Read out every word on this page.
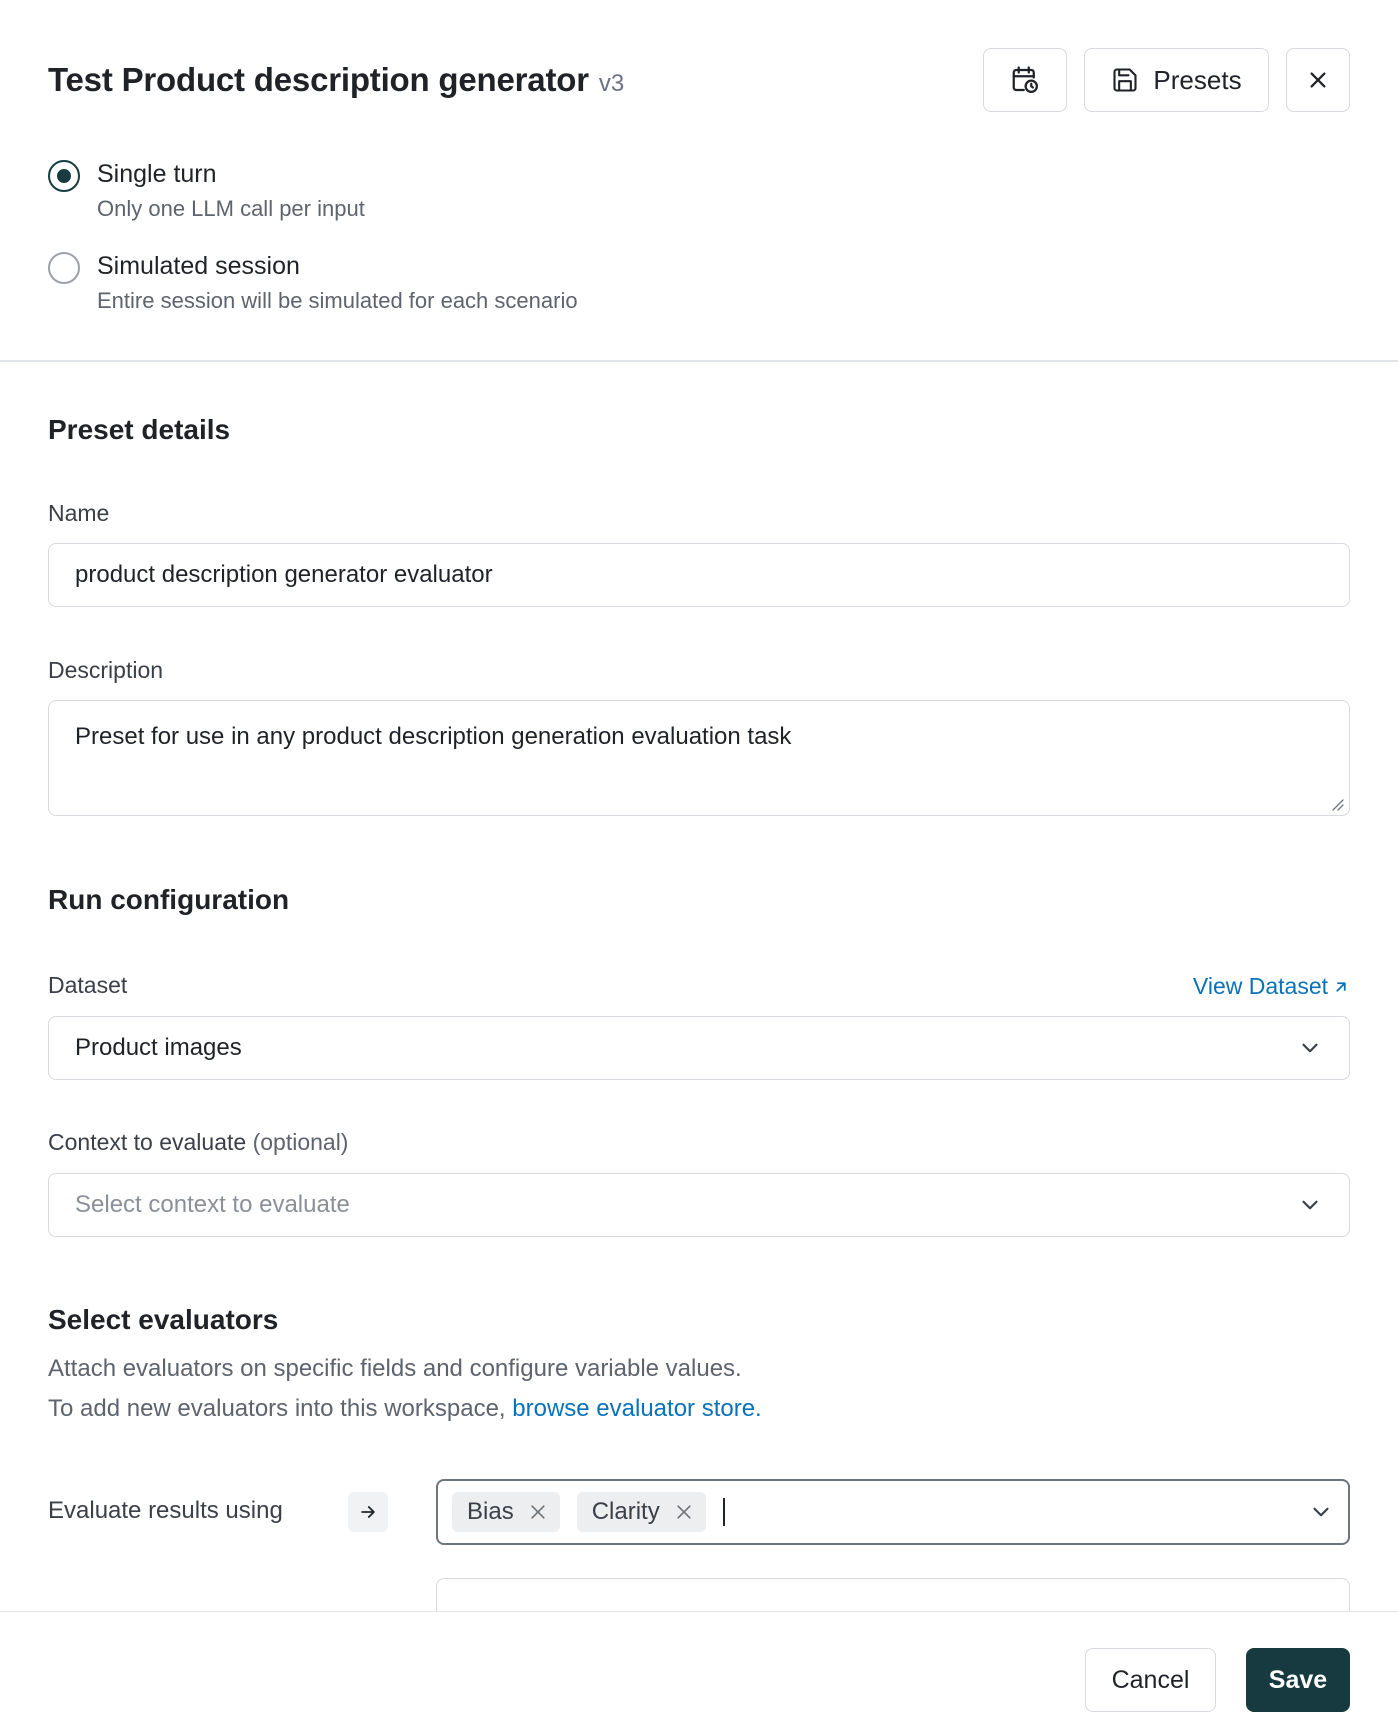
Test Product description generator v3	Presets
Single turn
Only one LLM call per input
Simulated session
Entire session will be simulated for each scenario
Preset details
Name
product description generator evaluator
Description
Preset for use in any product description generation evaluation task
Run configuration
Dataset	View Dataset
Product images
Context to evaluate (optional)
Select context to evaluate
Select evaluators
Attach evaluators on specific fields and configure variable values.
To add new evaluators into this workspace, browse evaluator store.
Evaluate results using	Bias	Clarity
Cancel	Save
